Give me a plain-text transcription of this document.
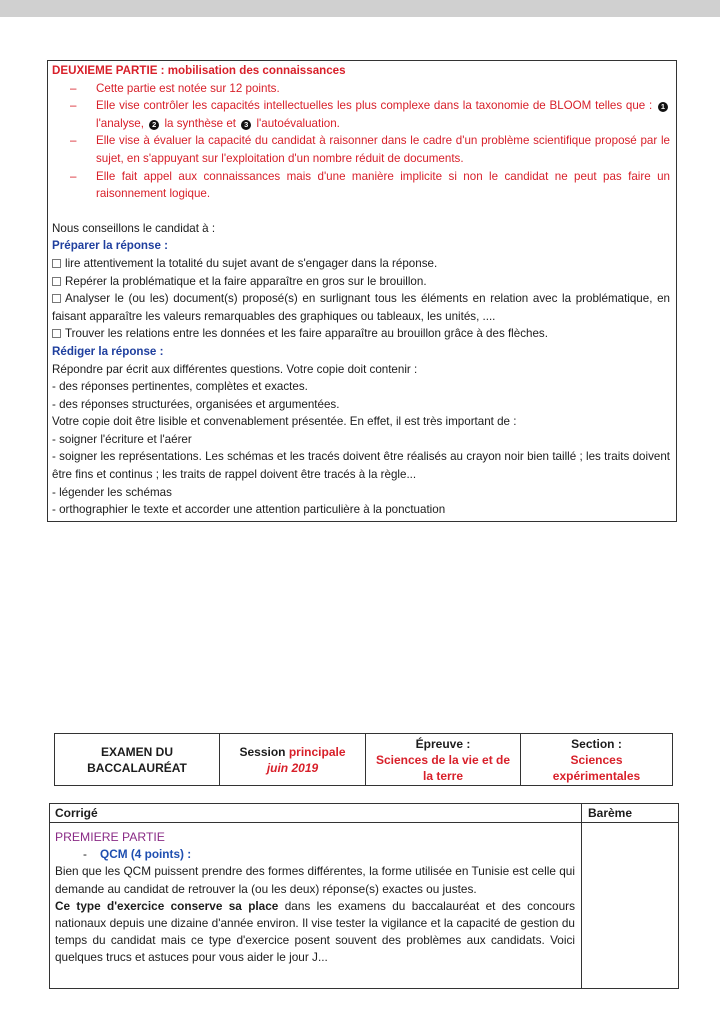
DEUXIEME PARTIE : mobilisation des connaissances
– Cette partie est notée sur 12 points.
– Elle vise contrôler les capacités intellectuelles les plus complexe dans la taxonomie de BLOOM telles que : 1l'analyse, 2 la synthèse et 3 l'autoévaluation.
– Elle vise à évaluer la capacité du candidat à raisonner dans le cadre d'un problème scientifique proposé par le sujet, en s'appuyant sur l'exploitation d'un nombre réduit de documents.
– Elle fait appel aux connaissances mais d'une manière implicite si non le candidat ne peut pas faire un raisonnement logique.
Nous conseillons le candidat à :
Préparer la réponse :
lire attentivement la totalité du sujet avant de s'engager dans la réponse.
Repérer la problématique et la faire apparaître en gros sur le brouillon.
Analyser le (ou les) document(s) proposé(s) en surlignant tous les éléments en relation avec la problématique, en faisant apparaître les valeurs remarquables des graphiques ou tableaux, les unités, ....
Trouver les relations entre les données et les faire apparaître au brouillon grâce à des flèches.
Rédiger la réponse :
Répondre par écrit aux différentes questions. Votre copie doit contenir :
- des réponses pertinentes, complètes et exactes.
- des réponses structurées, organisées et argumentées.
Votre copie doit être lisible et convenablement présentée. En effet, il est très important de :
- soigner l'écriture et l'aérer
- soigner les représentations. Les schémas et les tracés doivent être réalisés au crayon noir bien taillé ; les traits doivent être fins et continus ; les traits de rappel doivent être tracés à la règle...
- légender les schémas
- orthographier le texte et accorder une attention particulière à la ponctuation
EXAMEN DU BACCALAURÉAT
Session principale
juin 2019
Épreuve :
Sciences de la vie et de la terre
Section :
Sciences expérimentales
Corrigé	Barème
PREMIERE PARTIE
-    QCM (4 points) :
Bien que les QCM puissent prendre des formes différentes, la forme utilisée en Tunisie est celle qui demande au candidat de retrouver la (ou les deux) réponse(s) exactes ou justes.
Ce type d'exercice conserve sa place dans les examens du baccalauréat et des concours nationaux depuis une dizaine d'année environ. Il vise tester la vigilance et la capacité de gestion du temps du candidat mais ce type d'exercice posent souvent des problèmes aux candidats. Voici quelques trucs et astuces pour vous aider le jour J...
